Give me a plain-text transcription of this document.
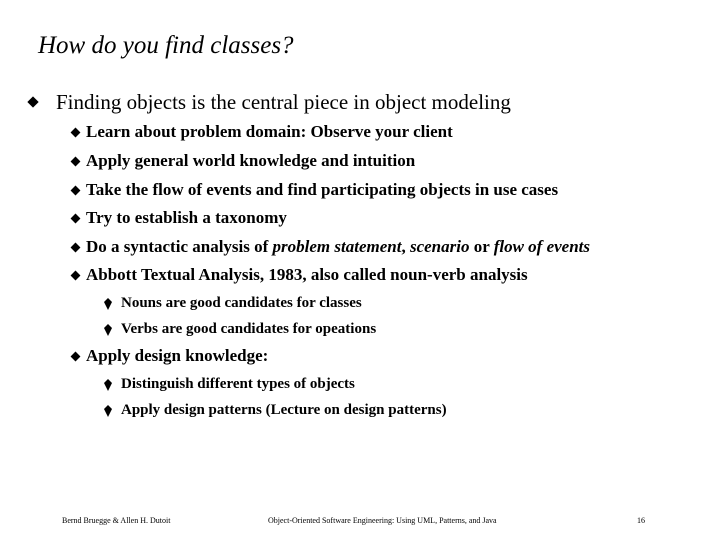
How do you find classes?
Finding objects is the central piece in object modeling
Learn about problem domain: Observe your client
Apply general world knowledge and intuition
Take the flow of events and find participating objects in use cases
Try to establish a taxonomy
Do a syntactic analysis of problem statement, scenario or flow of events
Abbott Textual Analysis, 1983, also called noun-verb analysis
Nouns are good candidates for classes
Verbs are good candidates for opeations
Apply design knowledge:
Distinguish different types of objects
Apply design patterns (Lecture on design patterns)
Bernd Bruegge & Allen H. Dutoit	Object-Oriented Software Engineering: Using UML, Patterns, and Java	16
